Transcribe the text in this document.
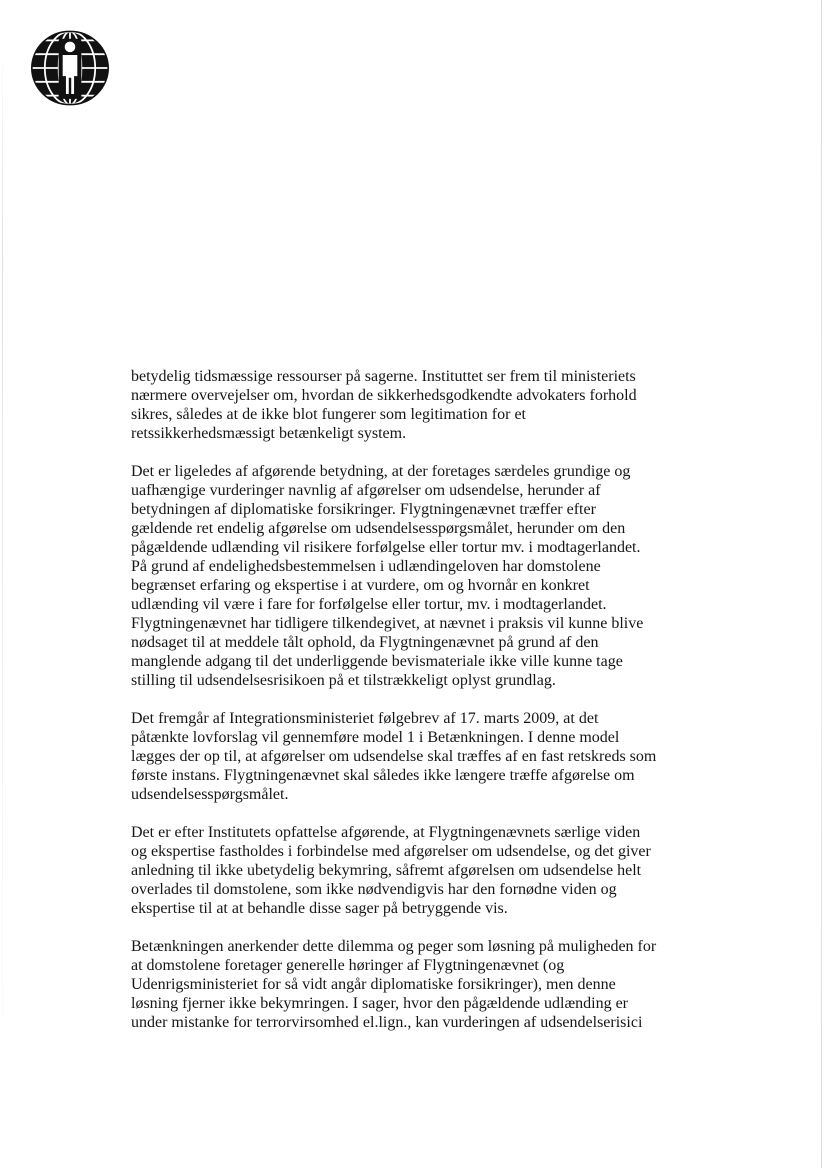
betydelig tidsmæssige ressourser på sagerne. Instituttet ser frem til ministeriets
nærmere overvejelser om, hvordan de sikkerhedsgodkendte advokaters forhold
sikres, således at de ikke blot fungerer som legitimation for et
retssikkerhedsmæssigt betænkeligt system.

Det er ligeledes af afgørende betydning, at der foretages særdeles grundige og
uafhængige vurderinger navnlig af afgørelser om udsendelse, herunder af
betydningen af diplomatiske forsikringer. Flygtningenævnet træffer efter
gældende ret endelig afgørelse om udsendelsesspørgsmålet, herunder om den
pågældende udlænding vil risikere forfølgelse eller tortur mv. i modtagerlandet.
På grund af endelighedsbestemmelsen i udlændingeloven har domstolene
begrænset erfaring og ekspertise i at vurdere, om og hvornår en konkret
udlænding vil være i fare for forfølgelse eller tortur, mv. i modtagerlandet.
Flygtningenævnet har tidligere tilkendegivet, at nævnet i praksis vil kunne blive
nødsaget til at meddele tålt ophold, da Flygtningenævnet på grund af den
manglende adgang til det underliggende bevismateriale ikke ville kunne tage
stilling til udsendelsesrisikoen på et tilstrækkeligt oplyst grundlag.

Det fremgår af Integrationsministeriet følgebrev af 17. marts 2009, at det
påtænkte lovforslag vil gennemføre model 1 i Betænkningen. I denne model
lægges der op til, at afgørelser om udsendelse skal træffes af en fast retskreds som
første instans. Flygtningenævnet skal således ikke længere træffe afgørelse om
udsendelsesspørgsmålet.

Det er efter Institutets opfattelse afgørende, at Flygtningenævnets særlige viden
og ekspertise fastholdes i forbindelse med afgørelser om udsendelse, og det giver
anledning til ikke ubetydelig bekymring, såfremt afgørelsen om udsendelse helt
overlades til domstolene, som ikke nødvendigvis har den fornødne viden og
ekspertise til at at behandle disse sager på betryggende vis.

Betænkningen anerkender dette dilemma og peger som løsning på muligheden for
at domstolene foretager generelle høringer af Flygtningenævnet (og
Udenrigsministeriet for så vidt angår diplomatiske forsikringer), men denne
løsning fjerner ikke bekymringen. I sager, hvor den pågældende udlænding er
under mistanke for terrorvirsomhed el.lign., kan vurderingen af udsendelserisici
